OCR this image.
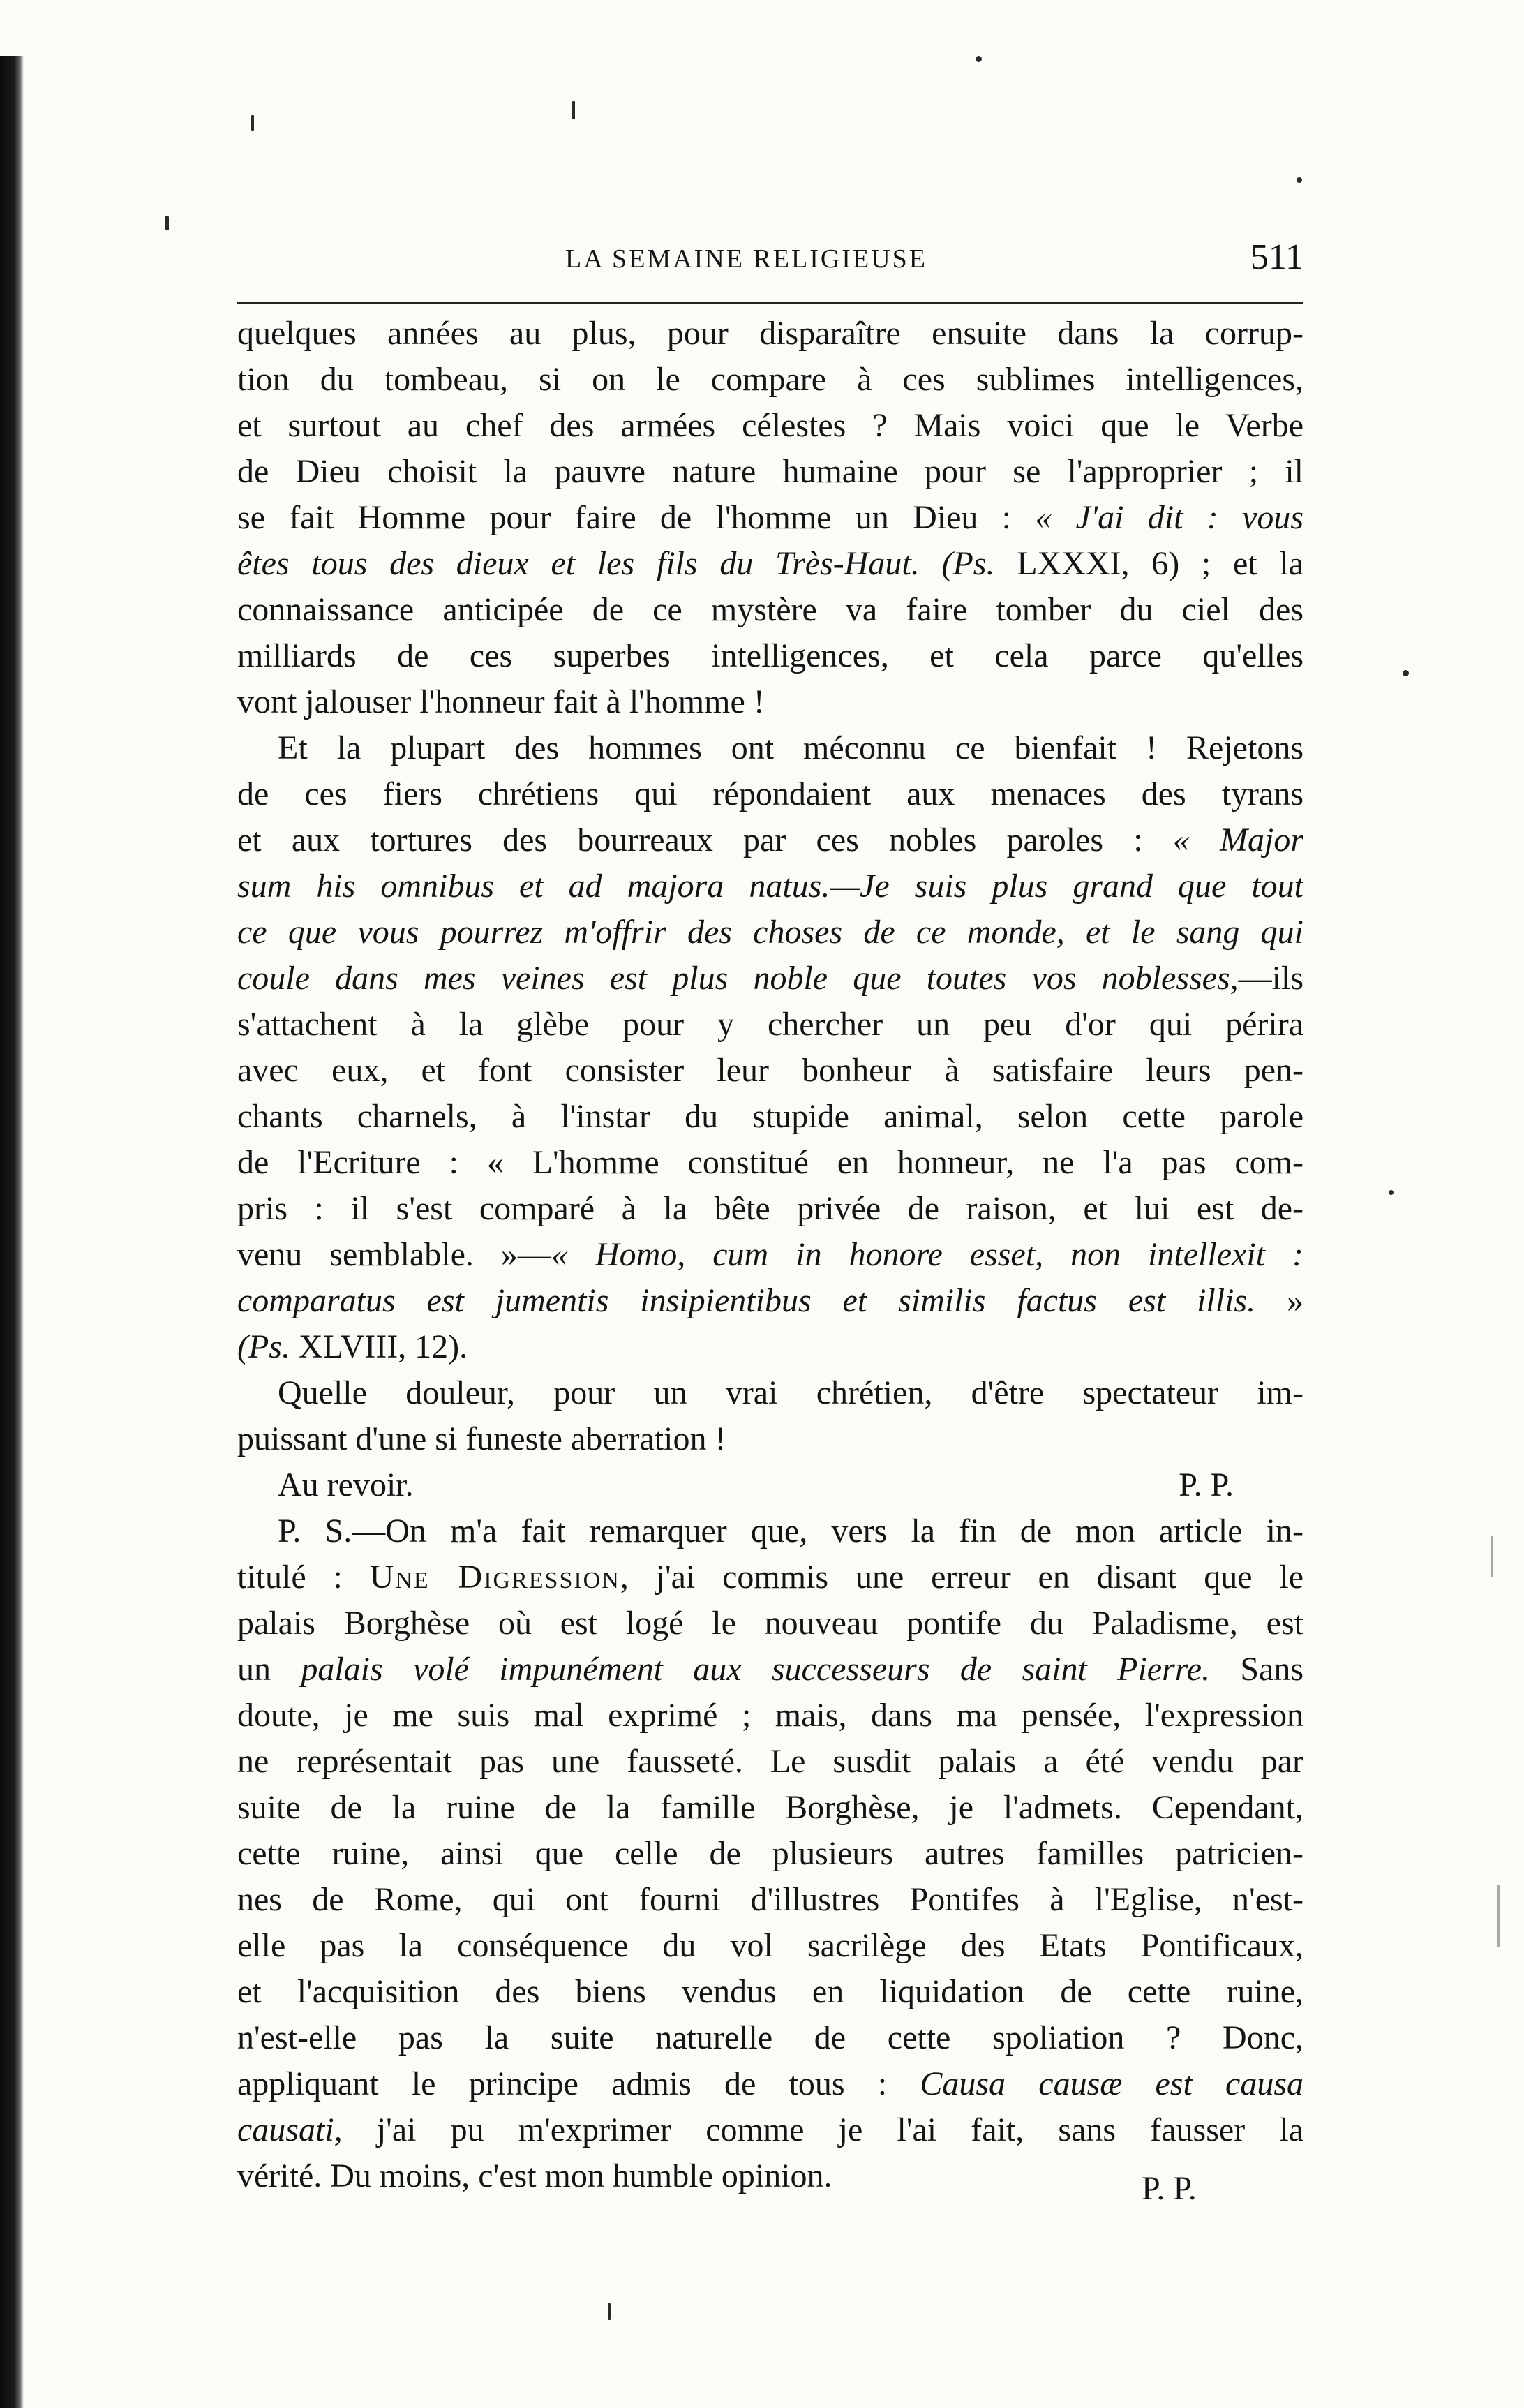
LA SEMAINE RELIGIEUSE	511
quelques années au plus, pour disparaître ensuite dans la corrup-
tion du tombeau, si on le compare à ces sublimes intelligences,
et surtout au chef des armées célestes ? Mais voici que le Verbe
de Dieu choisit la pauvre nature humaine pour se l'approprier ; il
se fait Homme pour faire de l'homme un Dieu : « J'ai dit : vous
êtes tous des dieux et les fils du Très-Haut. (Ps. LXXXI, 6) ; et la
connaissance anticipée de ce mystère va faire tomber du ciel des
milliards de ces superbes intelligences, et cela parce qu'elles
vont jalouser l'honneur fait à l'homme !
Et la plupart des hommes ont méconnu ce bienfait ! Rejetons
de ces fiers chrétiens qui répondaient aux menaces des tyrans
et aux tortures des bourreaux par ces nobles paroles : « Major
sum his omnibus et ad majora natus.—Je suis plus grand que tout
ce que vous pourrez m'offrir des choses de ce monde, et le sang qui
coule dans mes veines est plus noble que toutes vos noblesses,—ils
s'attachent à la glèbe pour y chercher un peu d'or qui périra
avec eux, et font consister leur bonheur à satisfaire leurs pen-
chants charnels, à l'instar du stupide animal, selon cette parole
de l'Ecriture : « L'homme constitué en honneur, ne l'a pas com-
pris : il s'est comparé à la bête privée de raison, et lui est de-
venu semblable. »—« Homo, cum in honore esset, non intellexit :
comparatus est jumentis insipientibus et similis factus est illis. »
(Ps. XLVIII, 12).
Quelle douleur, pour un vrai chrétien, d'être spectateur im-
puissant d'une si funeste aberration !
Au revoir.	P. P.
P. S.—On m'a fait remarquer que, vers la fin de mon article in-
titulé : Une Digression, j'ai commis une erreur en disant que le
palais Borghèse où est logé le nouveau pontife du Paladisme, est
un palais volé impunément aux successeurs de saint Pierre. Sans
doute, je me suis mal exprimé ; mais, dans ma pensée, l'expression
ne représentait pas une fausseté. Le susdit palais a été vendu par
suite de la ruine de la famille Borghèse, je l'admets. Cependant,
cette ruine, ainsi que celle de plusieurs autres familles patricien-
nes de Rome, qui ont fourni d'illustres Pontifes à l'Eglise, n'est-
elle pas la conséquence du vol sacrilège des Etats Pontificaux,
et l'acquisition des biens vendus en liquidation de cette ruine,
n'est-elle pas la suite naturelle de cette spoliation ? Donc,
appliquant le principe admis de tous : Causa causæ est causa
causati, j'ai pu m'exprimer comme je l'ai fait, sans fausser la
vérité. Du moins, c'est mon humble opinion.	P. P.
